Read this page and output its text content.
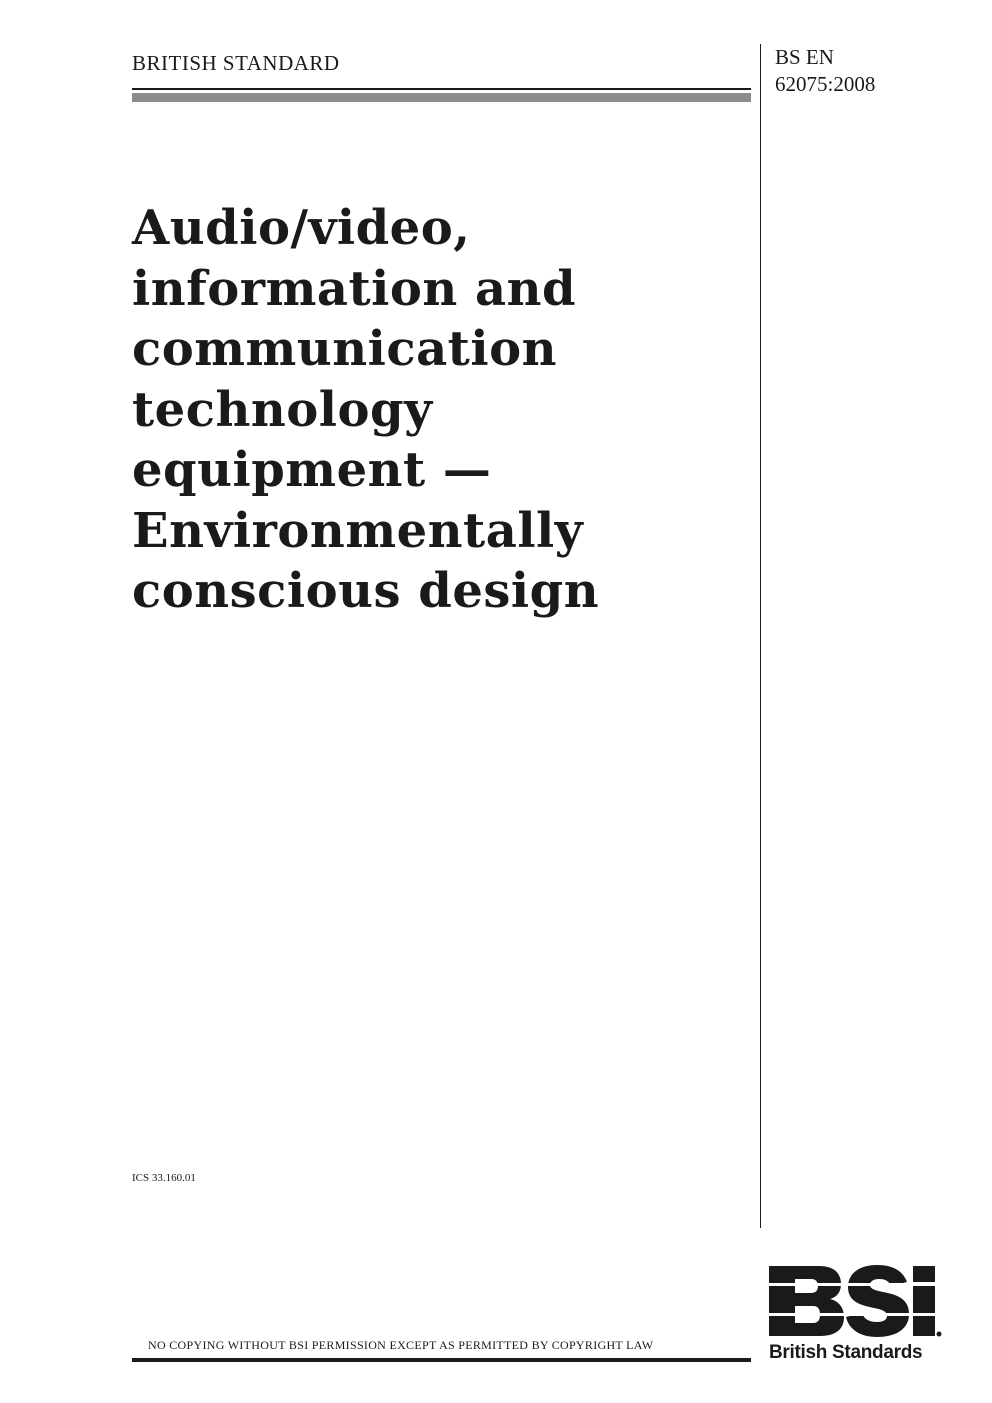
BRITISH STANDARD	BS EN
62075:2008
Audio/video,
information and
communication
technology
equipment —
Environmentally
conscious design
ICS 33.160.01
NO COPYING WITHOUT BSI PERMISSION EXCEPT AS PERMITTED BY COPYRIGHT LAW	British Standards
